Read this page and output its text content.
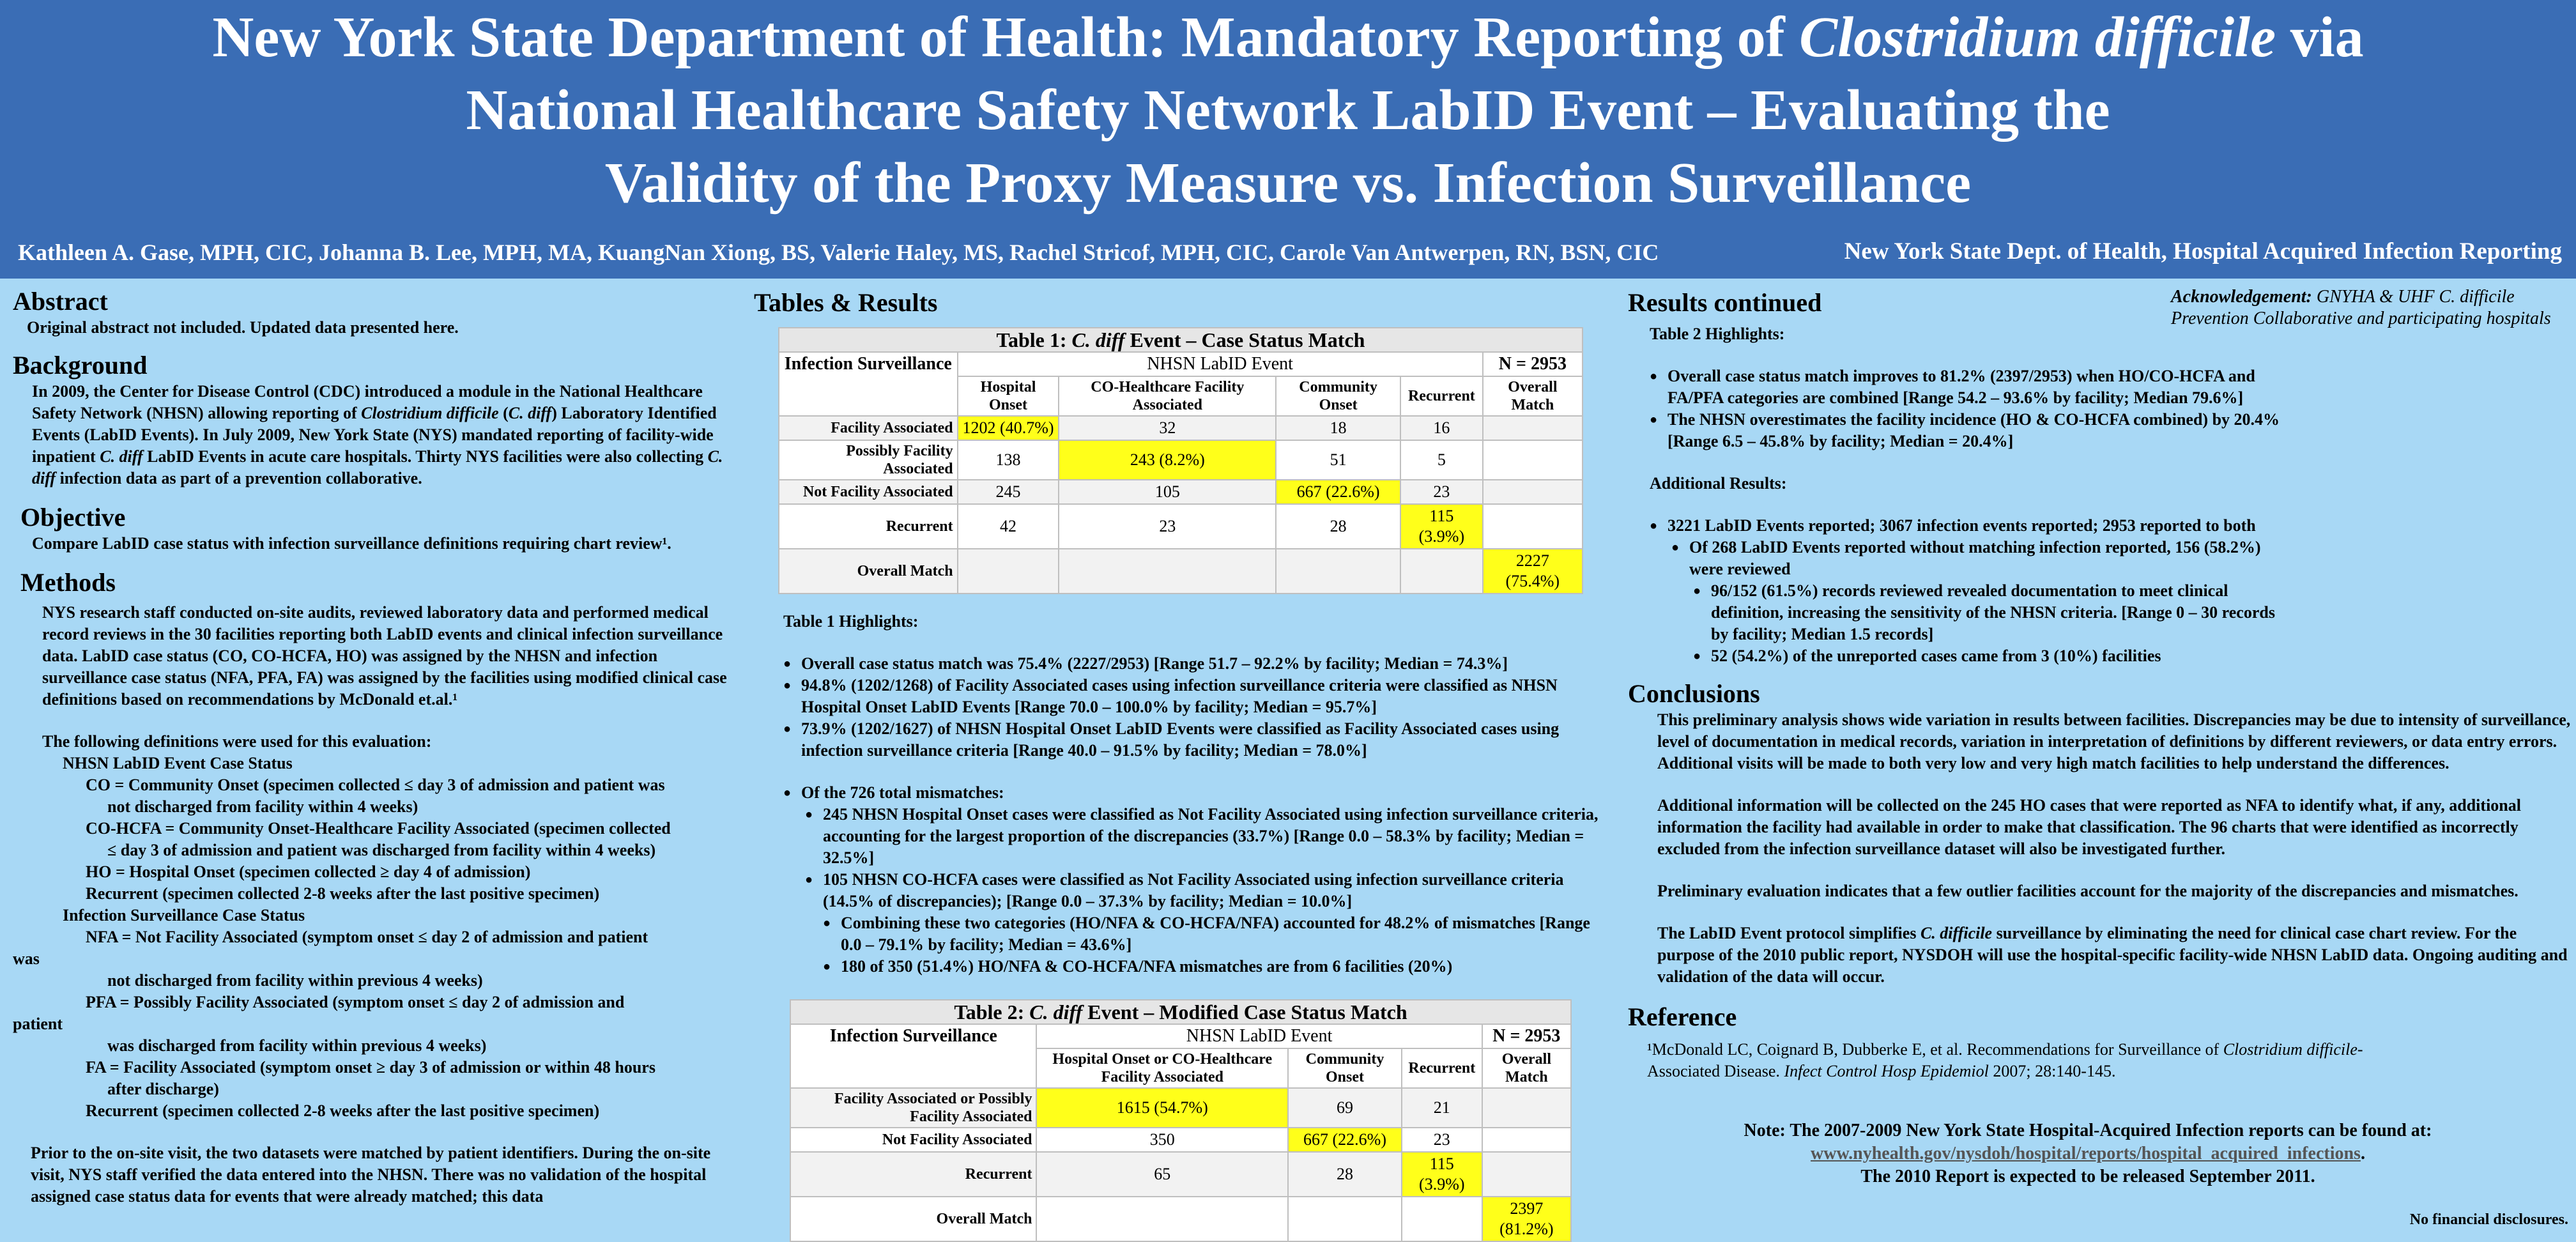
New York State Department of Health: Mandatory Reporting of Clostridium difficile via
National Healthcare Safety Network LabID Event – Evaluating the
Validity of the Proxy Measure vs. Infection Surveillance
Kathleen A. Gase, MPH, CIC, Johanna B. Lee, MPH, MA, KuangNan Xiong, BS, Valerie Haley, MS, Rachel Stricof, MPH, CIC, Carole Van Antwerpen, RN, BSN, CIC	New York State Dept. of Health, Hospital Acquired Infection Reporting
Abstract

Original abstract not included. Updated data presented here.

Background

In 2009, the Center for Disease Control (CDC) introduced a module in the National Healthcare Safety Network (NHSN) allowing reporting of Clostridium difficile (C. diff) Laboratory Identified Events (LabID Events). In July 2009, New York State (NYS) mandated reporting of facility-wide inpatient C. diff LabID Events in acute care hospitals. Thirty NYS facilities were also collecting C. diff infection data as part of a prevention collaborative.

Objective

Compare LabID case status with infection surveillance definitions requiring chart review¹.

Methods

NYS research staff conducted on-site audits, reviewed laboratory data and performed medical record reviews in the 30 facilities reporting both LabID events and clinical infection surveillance data. LabID case status (CO, CO-HCFA, HO) was assigned by the NHSN and infection surveillance case status (NFA, PFA, FA) was assigned by the facilities using modified clinical case definitions based on recommendations by McDonald et.al.¹

The following definitions were used for this evaluation:

NHSN LabID Event Case Status

CO = Community Onset (specimen collected ≤ day 3 of admission and patient was

not discharged from facility within 4 weeks)

CO-HCFA = Community Onset-Healthcare Facility Associated (specimen collected

≤ day 3 of admission and patient was discharged from facility within 4 weeks)

HO = Hospital Onset (specimen collected ≥ day 4 of admission)

Recurrent (specimen collected 2-8 weeks after the last positive specimen)

Infection Surveillance Case Status

NFA = Not Facility Associated (symptom onset ≤ day 2 of admission and patient

was

not discharged from facility within previous 4 weeks)

PFA = Possibly Facility Associated (symptom onset ≤ day 2 of admission and

patient

was discharged from facility within previous 4 weeks)

FA = Facility Associated (symptom onset ≥ day 3 of admission or within 48 hours

after discharge)

Recurrent (specimen collected 2-8 weeks after the last positive specimen)

Prior to the on-site visit, the two datasets were matched by patient identifiers. During the on-site visit, NYS staff verified the data entered into the NHSN. There was no validation of the hospital assigned case status data for events that were already matched; this data

Tables & Results
Table 1: C. diff Event – Case Status Match					
Infection Surveillance	NHSN LabID Event				N = 2953
	Hospital Onset	CO-Healthcare Facility Associated	Community Onset	Recurrent	Overall Match
Facility Associated	1202 (40.7%)	32	18	16	
Possibly Facility Associated	138	243 (8.2%)	51	5	
Not Facility Associated	245	105	667 (22.6%)	23	
Recurrent	42	23	28	115 (3.9%)	
Overall Match					2227 (75.4%)

Table 1 Highlights:

● Overall case status match was 75.4% (2227/2953) [Range 51.7 – 92.2% by facility; Median = 74.3%]
● 94.8% (1202/1268) of Facility Associated cases using infection surveillance criteria were classified as NHSN Hospital Onset LabID Events [Range 70.0 – 100.0% by facility; Median = 95.7%]
● 73.9% (1202/1627) of NHSN Hospital Onset LabID Events were classified as Facility Associated cases using infection surveillance criteria [Range 40.0 – 91.5% by facility; Median = 78.0%]
● Of the 726 total mismatches:
● 245 NHSN Hospital Onset cases were classified as Not Facility Associated using infection surveillance criteria, accounting for the largest proportion of the discrepancies (33.7%) [Range 0.0 – 58.3% by facility; Median = 32.5%]
● 105 NHSN CO-HCFA cases were classified as Not Facility Associated using infection surveillance criteria (14.5% of discrepancies); [Range 0.0 – 37.3% by facility; Median = 10.0%]
● Combining these two categories (HO/NFA & CO-HCFA/NFA) accounted for 48.2% of mismatches [Range 0.0 – 79.1% by facility; Median = 43.6%]
● 180 of 350 (51.4%) HO/NFA & CO-HCFA/NFA mismatches are from 6 facilities (20%)
Table 2: C. diff Event – Modified Case Status Match				
Infection Surveillance	NHSN LabID Event			N = 2953
	Hospital Onset or CO-Healthcare Facility Associated	Community Onset	Recurrent	Overall Match
Facility Associated or Possibly Facility Associated	1615 (54.7%)	69	21	
Not Facility Associated	350	667 (22.6%)	23	
Recurrent	65	28	115 (3.9%)	
Overall Match				2397 (81.2%)
Acknowledgement: GNYHA & UHF C. difficile Prevention Collaborative and participating hospitals
Results continued

Table 2 Highlights:

● Overall case status match improves to 81.2% (2397/2953) when HO/CO-HCFA and FA/PFA categories are combined [Range 54.2 – 93.6% by facility; Median 79.6%]
● The NHSN overestimates the facility incidence (HO & CO-HCFA combined) by 20.4% [Range 6.5 – 45.8% by facility; Median = 20.4%]

Additional Results:

● 3221 LabID Events reported; 3067 infection events reported; 2953 reported to both
● Of 268 LabID Events reported without matching infection reported, 156 (58.2%) were reviewed
● 96/152 (61.5%) records reviewed revealed documentation to meet clinical definition, increasing the sensitivity of the NHSN criteria. [Range 0 – 30 records by facility; Median 1.5 records]
● 52 (54.2%) of the unreported cases came from 3 (10%) facilities
Conclusions

This preliminary analysis shows wide variation in results between facilities. Discrepancies may be due to intensity of surveillance, level of documentation in medical records, variation in interpretation of definitions by different reviewers, or data entry errors. Additional visits will be made to both very low and very high match facilities to help understand the differences.

Additional information will be collected on the 245 HO cases that were reported as NFA to identify what, if any, additional information the facility had available in order to make that classification. The 96 charts that were identified as incorrectly excluded from the infection surveillance dataset will also be investigated further.

Preliminary evaluation indicates that a few outlier facilities account for the majority of the discrepancies and mismatches.

The LabID Event protocol simplifies C. difficile surveillance by eliminating the need for clinical case chart review. For the purpose of the 2010 public report, NYSDOH will use the hospital-specific facility-wide NHSN LabID data. Ongoing auditing and validation of the data will occur.

Reference

¹McDonald LC, Coignard B, Dubberke E, et al. Recommendations for Surveillance of Clostridium difficile-Associated Disease. Infect Control Hosp Epidemiol 2007; 28:140-145.

Note: The 2007-2009 New York State Hospital-Acquired Infection reports can be found at:

www.nyhealth.gov/nysdoh/hospital/reports/hospital_acquired_infections.

The 2010 Report is expected to be released September 2011.

No financial disclosures.
